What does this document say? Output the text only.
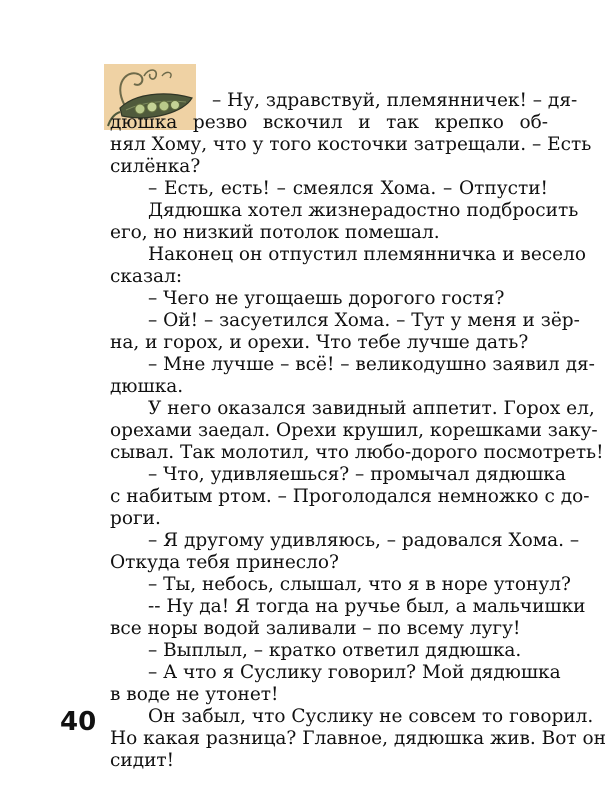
– Ну, здравствуй, племянничек! – дя-
дюшка резво вскочил и так крепко об-
нял Хому, что у того косточки затрещали. – Есть
силёнка?
– Есть, есть! – смеялся Хома. – Отпусти!
Дядюшка хотел жизнерадостно подбросить
его, но низкий потолок помешал.
Наконец он отпустил племянничка и весело
сказал:
– Чего не угощаешь дорогого гостя?
– Ой! – засуетился Хома. – Тут у меня и зёр-
на, и горох, и орехи. Что тебе лучше дать?
– Мне лучше – всё! – великодушно заявил дя-
дюшка.
У него оказался завидный аппетит. Горох ел,
орехами заедал. Орехи крушил, корешками заку-
сывал. Так молотил, что любо-дорого посмотреть!
– Что, удивляешься? – промычал дядюшка
с набитым ртом. – Проголодался немножко с до-
роги.
– Я другому удивляюсь, – радовался Хома. –
Откуда тебя принесло?
– Ты, небось, слышал, что я в норе утонул?
-- Ну да! Я тогда на ручье был, а мальчишки
все норы водой заливали – по всему лугу!
– Выплыл, – кратко ответил дядюшка.
– А что я Суслику говорил? Мой дядюшка
в воде не утонет!
Он забыл, что Суслику не совсем то говорил.
Но какая разница? Главное, дядюшка жив. Вот он
сидит!
40
